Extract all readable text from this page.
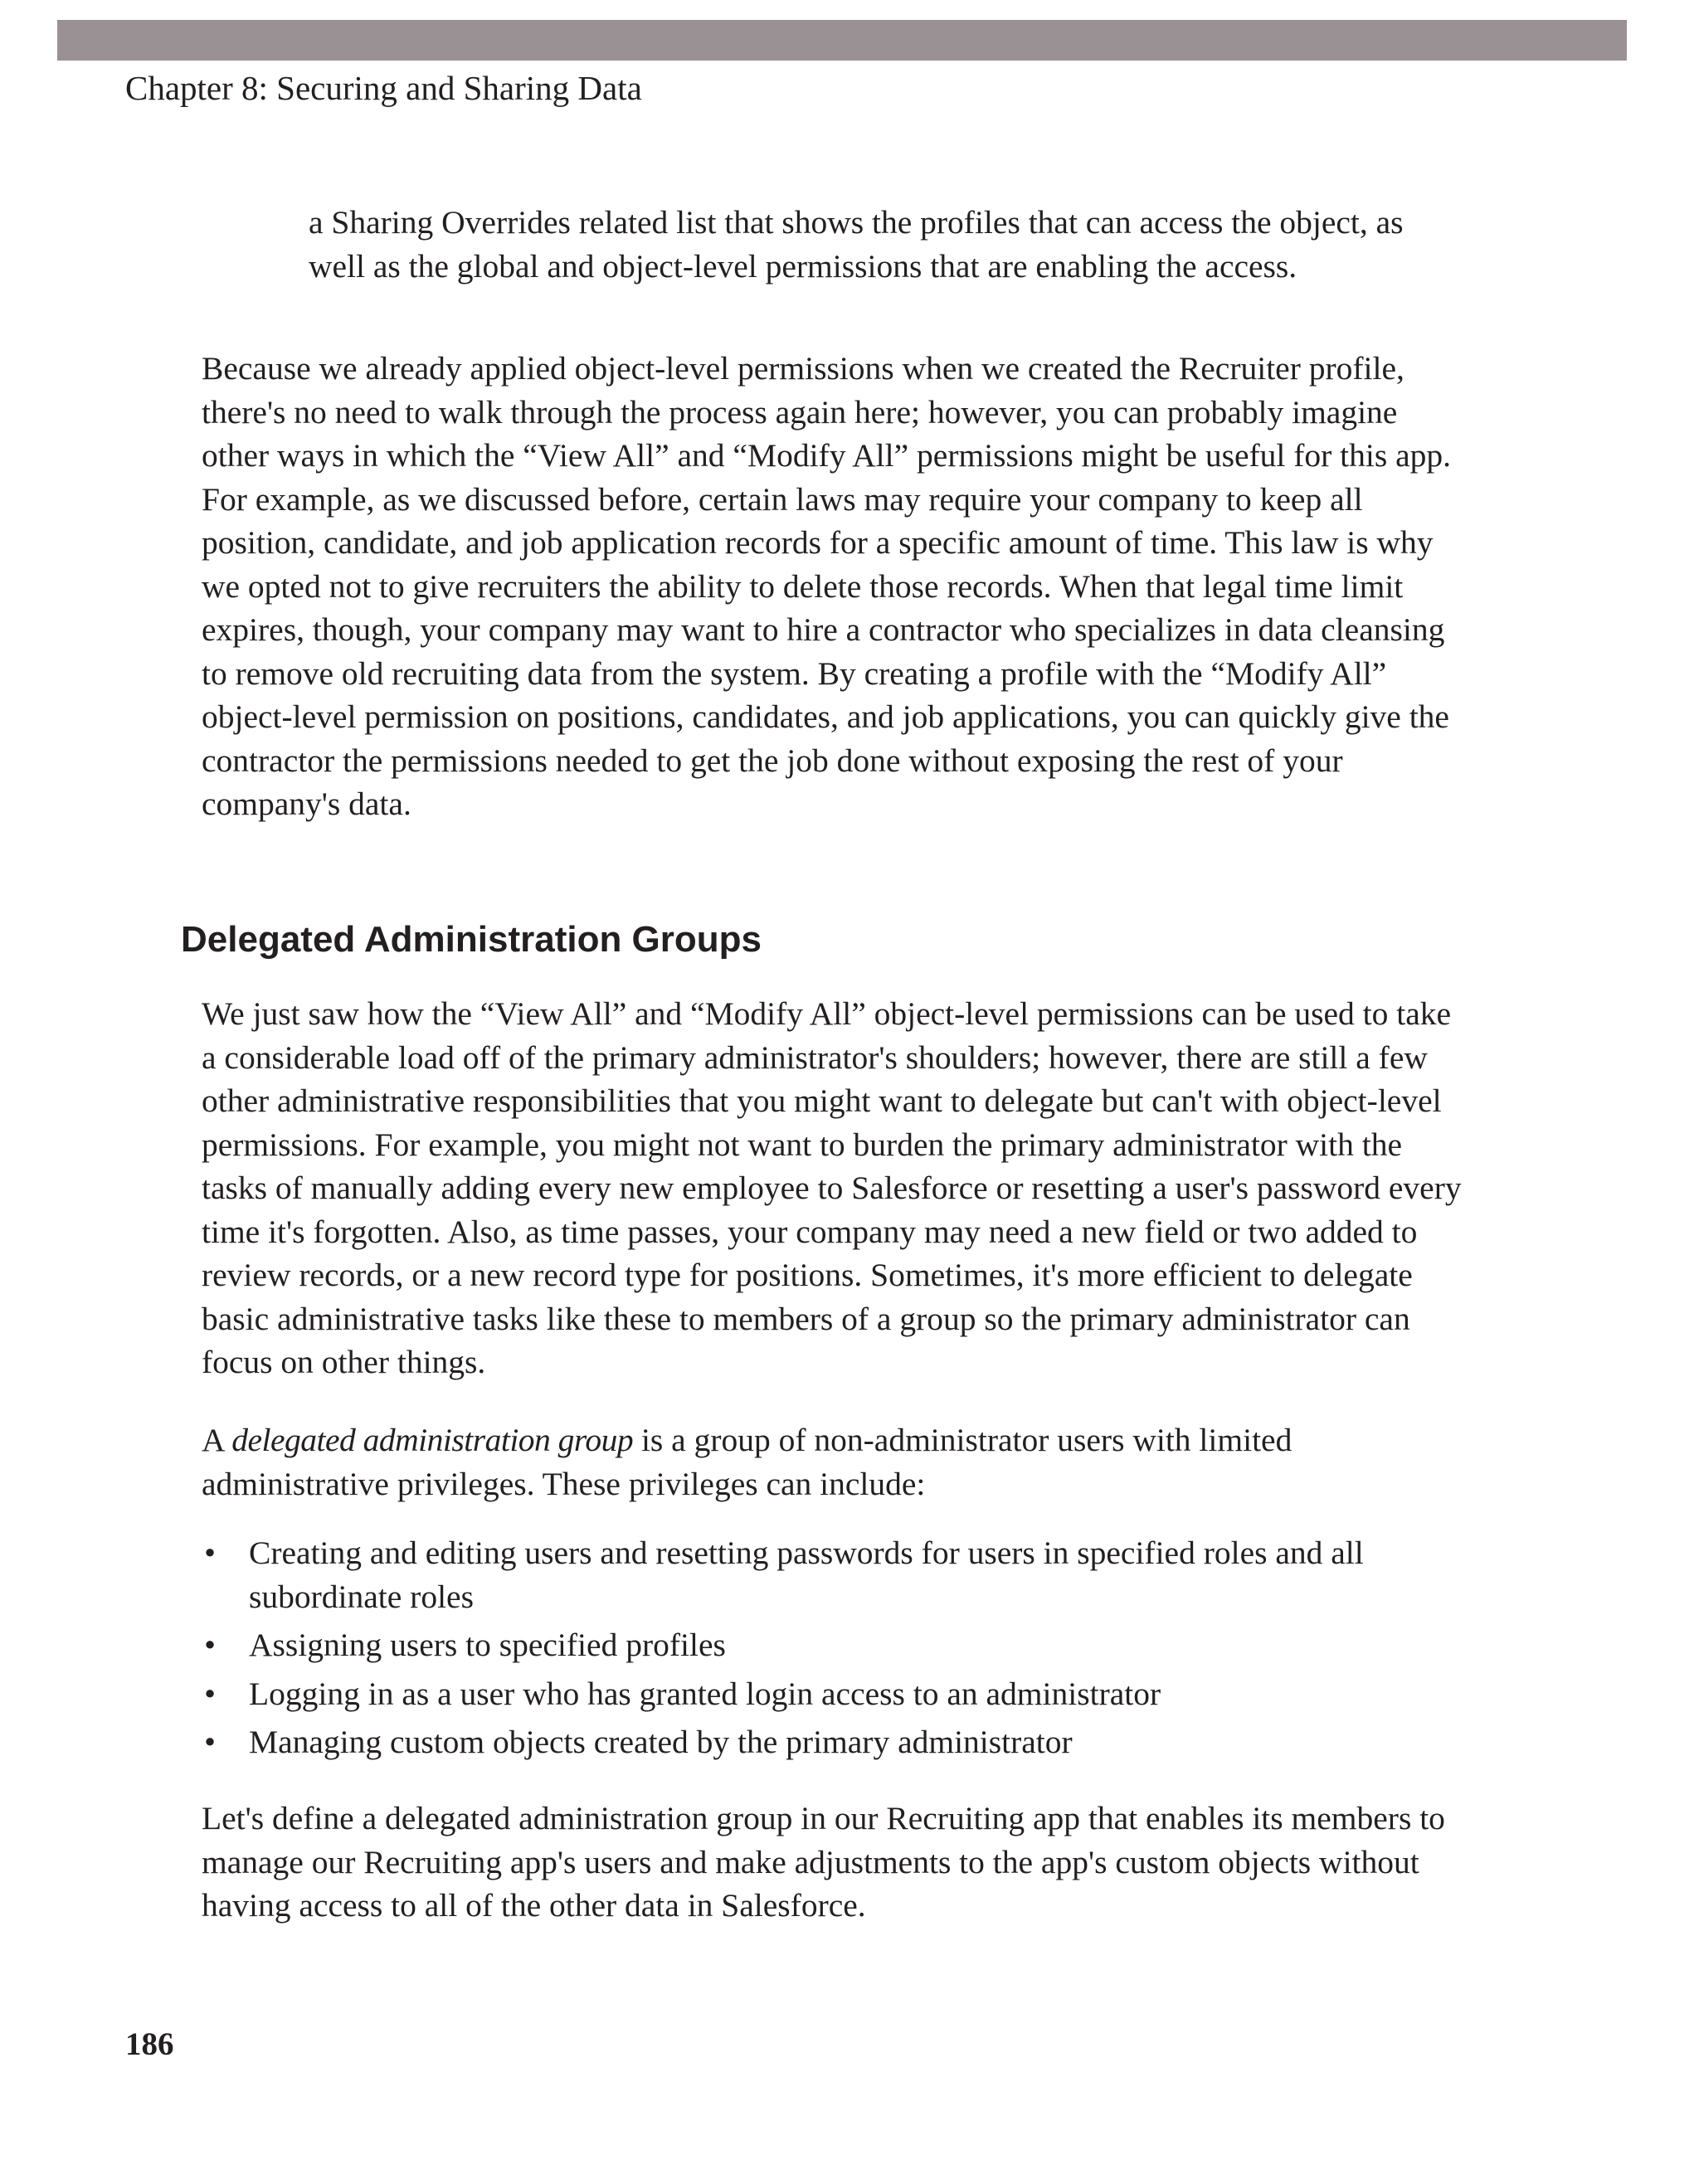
Chapter 8: Securing and Sharing Data

a Sharing Overrides related list that shows the profiles that can access the object, as well as the global and object-level permissions that are enabling the access.

Because we already applied object-level permissions when we created the Recruiter profile, there's no need to walk through the process again here; however, you can probably imagine other ways in which the “View All” and “Modify All” permissions might be useful for this app. For example, as we discussed before, certain laws may require your company to keep all position, candidate, and job application records for a specific amount of time. This law is why we opted not to give recruiters the ability to delete those records. When that legal time limit expires, though, your company may want to hire a contractor who specializes in data cleansing to remove old recruiting data from the system. By creating a profile with the “Modify All” object-level permission on positions, candidates, and job applications, you can quickly give the contractor the permissions needed to get the job done without exposing the rest of your company's data.

Delegated Administration Groups

We just saw how the “View All” and “Modify All” object-level permissions can be used to take a considerable load off of the primary administrator's shoulders; however, there are still a few other administrative responsibilities that you might want to delegate but can't with object-level permissions. For example, you might not want to burden the primary administrator with the tasks of manually adding every new employee to Salesforce or resetting a user's password every time it's forgotten. Also, as time passes, your company may need a new field or two added to review records, or a new record type for positions. Sometimes, it's more efficient to delegate basic administrative tasks like these to members of a group so the primary administrator can focus on other things.

A delegated administration group is a group of non-administrator users with limited administrative privileges. These privileges can include:

• Creating and editing users and resetting passwords for users in specified roles and all subordinate roles
• Assigning users to specified profiles
• Logging in as a user who has granted login access to an administrator
• Managing custom objects created by the primary administrator

Let's define a delegated administration group in our Recruiting app that enables its members to manage our Recruiting app's users and make adjustments to the app's custom objects without having access to all of the other data in Salesforce.

186
